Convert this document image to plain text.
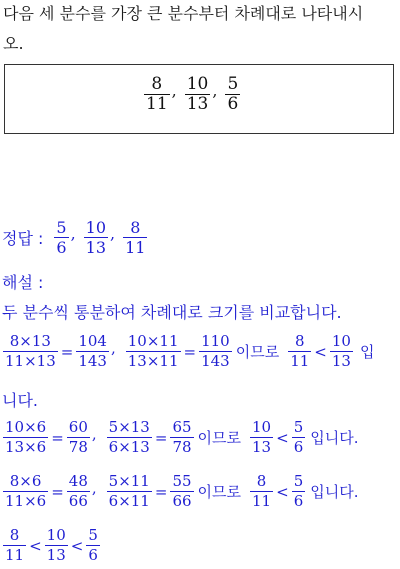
다음 세 분수를 가장 큰 분수부터 차례대로 나타내시
오.
$\frac{8}{11}$ , $\frac{10}{13}$ , $\frac{5}{6}$
정답 : $\frac{5}{6}$ , $\frac{10}{13}$ , $\frac{8}{11}$
해설 :
두 분수씩 통분하여 차례대로 크기를 비교합니다.
$\frac{8\times 13}{11\times 13} = \frac{104}{143}$ , $\frac{10\times 11}{13\times 11} = \frac{110}{143}$ 이므로 $\frac{8}{11} < \frac{10}{13}$ 입
니다.
$\frac{10\times 6}{13\times 6} = \frac{60}{78}$ , $\frac{5\times 13}{6\times 13} = \frac{65}{78}$ 이므로 $\frac{10}{13} < \frac{5}{6}$ 입니다.
$\frac{8\times 6}{11\times 6} = \frac{48}{66}$ , $\frac{5\times 11}{6\times 11} = \frac{55}{66}$ 이므로 $\frac{8}{11} < \frac{5}{6}$ 입니다.
$\frac{8}{11} < \frac{10}{13} < \frac{5}{6}$
